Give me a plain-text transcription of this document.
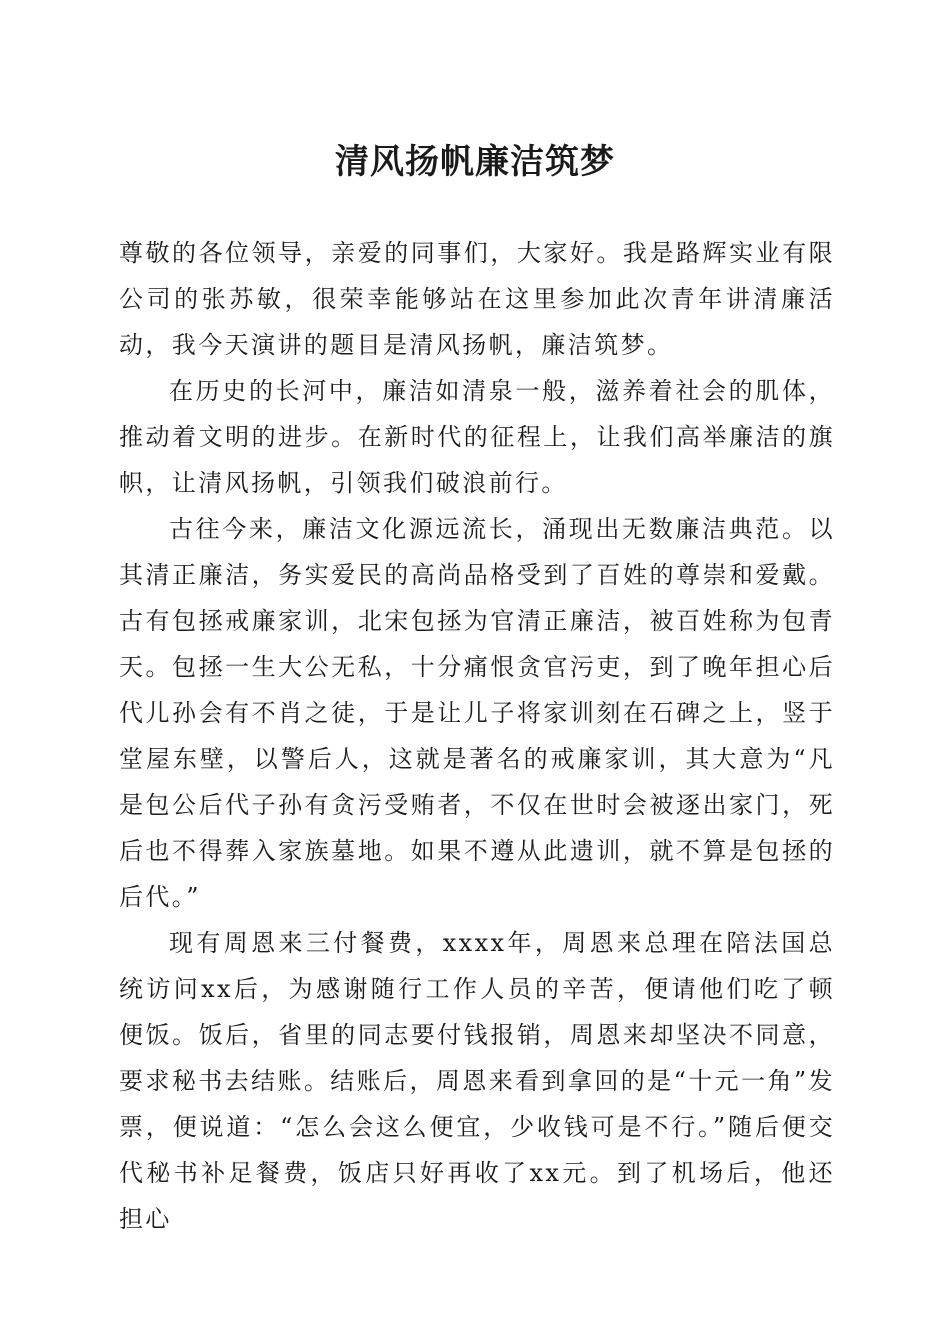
清风扬帆廉洁筑梦

尊敬的各位领导，亲爱的同事们，大家好。我是路辉实业有限公司的张苏敏，很荣幸能够站在这里参加此次青年讲清廉活动，我今天演讲的题目是清风扬帆，廉洁筑梦。

在历史的长河中，廉洁如清泉一般，滋养着社会的肌体，推动着文明的进步。在新时代的征程上，让我们高举廉洁的旗帜，让清风扬帆，引领我们破浪前行。

古往今来，廉洁文化源远流长，涌现出无数廉洁典范。以其清正廉洁，务实爱民的高尚品格受到了百姓的尊崇和爱戴。古有包拯戒廉家训，北宋包拯为官清正廉洁，被百姓称为包青天。包拯一生大公无私，十分痛恨贪官污吏，到了晚年担心后代儿孙会有不肖之徒，于是让儿子将家训刻在石碑之上，竖于堂屋东壁，以警后人，这就是著名的戒廉家训，其大意为“凡是包公后代子孙有贪污受贿者，不仅在世时会被逐出家门，死后也不得葬入家族墓地。如果不遵从此遗训，就不算是包拯的后代。”

现有周恩来三付餐费，xxxx年，周恩来总理在陪法国总统访问xx后，为感谢随行工作人员的辛苦，便请他们吃了顿便饭。饭后，省里的同志要付钱报销，周恩来却坚决不同意，要求秘书去结账。结账后，周恩来看到拿回的是“十元一角”发票，便说道：“怎么会这么便宜，少收钱可是不行。”随后便交代秘书补足餐费，饭店只好再收了xx元。到了机场后，他还担心
